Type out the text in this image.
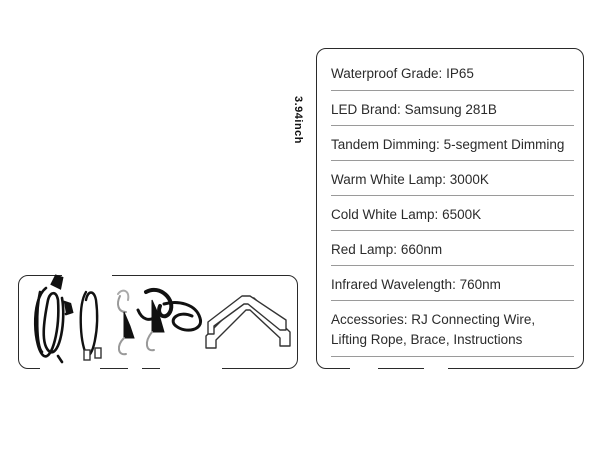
3.94inch
Waterproof Grade: IP65
LED Brand: Samsung 281B
Tandem Dimming: 5-segment Dimming
Warm White Lamp: 3000K
Cold White Lamp: 6500K
Red Lamp: 660nm
Infrared Wavelength: 760nm
Accessories: RJ Connecting Wire, Lifting Rope, Brace, Instructions
